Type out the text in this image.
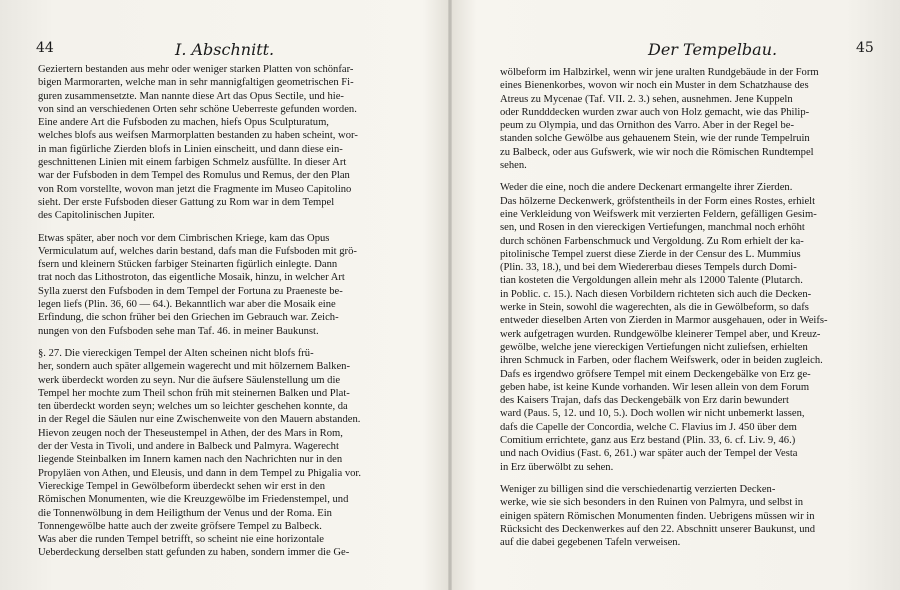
44	I. Abschnitt.
Geziertern bestanden aus mehr oder weniger starken Platten von schönfar-
bigen Marmorarten, welche man in sehr mannigfaltigen geometrischen Fi-
guren zusammensetzte. Man nannte diese Art das Opus Sectile, und hie-
von sind an verschiedenen Orten sehr schöne Ueberreste gefunden worden.
Eine andere Art die Fufsboden zu machen, hiefs Opus Sculpturatum,
welches blofs aus weifsen Marmorplatten bestanden zu haben scheint, wor-
in man figürliche Zierden blofs in Linien einscheitt, und dann diese ein-
geschnittenen Linien mit einem farbigen Schmelz ausfüllte. In dieser Art
war der Fufsboden in dem Tempel des Romulus und Remus, der den Plan
von Rom vorstellte, wovon man jetzt die Fragmente im Museo Capitolino
sieht. Der erste Fufsboden dieser Gattung zu Rom war in dem Tempel
des Capitolinischen Jupiter.
Etwas später, aber noch vor dem Cimbrischen Kriege, kam das Opus
Vermiculatum auf, welches darin bestand, dafs man die Fufsboden mit grö-
fsern und kleinern Stücken farbiger Steinarten figürlich einlegte. Dann
trat noch das Lithostroton, das eigentliche Mosaik, hinzu, in welcher Art
Sylla zuerst den Fufsboden in dem Tempel der Fortuna zu Praeneste be-
legen liefs (Plin. 36, 60 — 64.). Bekanntlich war aber die Mosaik eine
Erfindung, die schon früher bei den Griechen im Gebrauch war. Zeich-
nungen von den Fufsboden sehe man Taf. 46. in meiner Baukunst.
§. 27. Die viereckigen Tempel der Alten scheinen nicht blofs frü-
her, sondern auch später allgemein wagerecht und mit hölzernem Balken-
werk überdeckt worden zu seyn. Nur die äufsere Säulenstellung um die
Tempel her mochte zum Theil schon früh mit steinernen Balken und Plat-
ten überdeckt worden seyn; welches um so leichter geschehen konnte, da
in der Regel die Säulen nur eine Zwischenweite von den Mauern abstanden.
Hievon zeugen noch der Theseustempel in Athen, der des Mars in Rom,
der der Vesta in Tivoli, und andere in Balbeck und Palmyra. Wagerecht
liegende Steinbalken im Innern kamen nach den Nachrichten nur in den
Propyläen von Athen, und Eleusis, und dann in dem Tempel zu Phigalia vor.
Viereckige Tempel in Gewölbeform überdeckt sehen wir erst in den
Römischen Monumenten, wie die Kreuzgewölbe im Friedenstempel, und
die Tonnenwölbung in dem Heiligthum der Venus und der Roma. Ein
Tonnengewölbe hatte auch der zweite gröfsere Tempel zu Balbeck.
Was aber die runden Tempel betrifft, so scheint nie eine horizontale
Ueberdeckung derselben statt gefunden zu haben, sondern immer die Ge-
Der Tempelbau.	45
wölbeform im Halbzirkel, wenn wir jene uralten Rundgebäude in der Form
eines Bienenkorbes, wovon wir noch ein Muster in dem Schatzhause des
Atreus zu Mycenae (Taf. VII. 2. 3.) sehen, ausnehmen. Jene Kuppeln
oder Rundddecken wurden zwar auch von Holz gemacht, wie das Philip-
peum zu Olympia, und das Ornithon des Varro. Aber in der Regel be-
standen solche Gewölbe aus gehauenem Stein, wie der runde Tempelruin
zu Balbeck, oder aus Gufswerk, wie wir noch die Römischen Rundtempel
sehen.
Weder die eine, noch die andere Deckenart ermangelte ihrer Zierden.
Das hölzerne Deckenwerk, gröfstentheils in der Form eines Rostes, erhielt
eine Verkleidung von Weifswerk mit verzierten Feldern, gefälligen Gesim-
sen, und Rosen in den viereckigen Vertiefungen, manchmal noch erhöht
durch schönen Farbenschmuck und Vergoldung. Zu Rom erhielt der ka-
pitolinische Tempel zuerst diese Zierde in der Censur des L. Mummius
(Plin. 33, 18.), und bei dem Wiedererbau dieses Tempels durch Domi-
tian kosteten die Vergoldungen allein mehr als 12000 Talente (Plutarch.
in Poblic. c. 15.). Nach diesen Vorbildern richteten sich auch die Decken-
werke in Stein, sowohl die wagerechten, als die in Gewölbeform, so dafs
entweder dieselben Arten von Zierden in Marmor ausgehauen, oder in Weifs-
werk aufgetragen wurden. Rundgewölbe kleinerer Tempel aber, und Kreuz-
gewölbe, welche jene viereckigen Vertiefungen nicht zuliefsen, erhielten
ihren Schmuck in Farben, oder flachem Weifswerk, oder in beiden zugleich.
Dafs es irgendwo gröfsere Tempel mit einem Deckengebälke von Erz ge-
geben habe, ist keine Kunde vorhanden. Wir lesen allein von dem Forum
des Kaisers Trajan, dafs das Deckengebälk von Erz darin bewundert
ward (Paus. 5, 12. und 10, 5.). Doch wollen wir nicht unbemerkt lassen,
dafs die Capelle der Concordia, welche C. Flavius im J. 450 über dem
Comitium errichtete, ganz aus Erz bestand (Plin. 33, 6. cf. Liv. 9, 46.)
und nach Ovidius (Fast. 6, 261.) war später auch der Tempel der Vesta
in Erz überwölbt zu sehen.
Weniger zu billigen sind die verschiedenartig verzierten Decken-
werke, wie sie sich besonders in den Ruinen von Palmyra, und selbst in
einigen spätern Römischen Monumenten finden. Uebrigens müssen wir in
Rücksicht des Deckenwerkes auf den 22. Abschnitt unserer Baukunst, und
auf die dabei gegebenen Tafeln verweisen.
